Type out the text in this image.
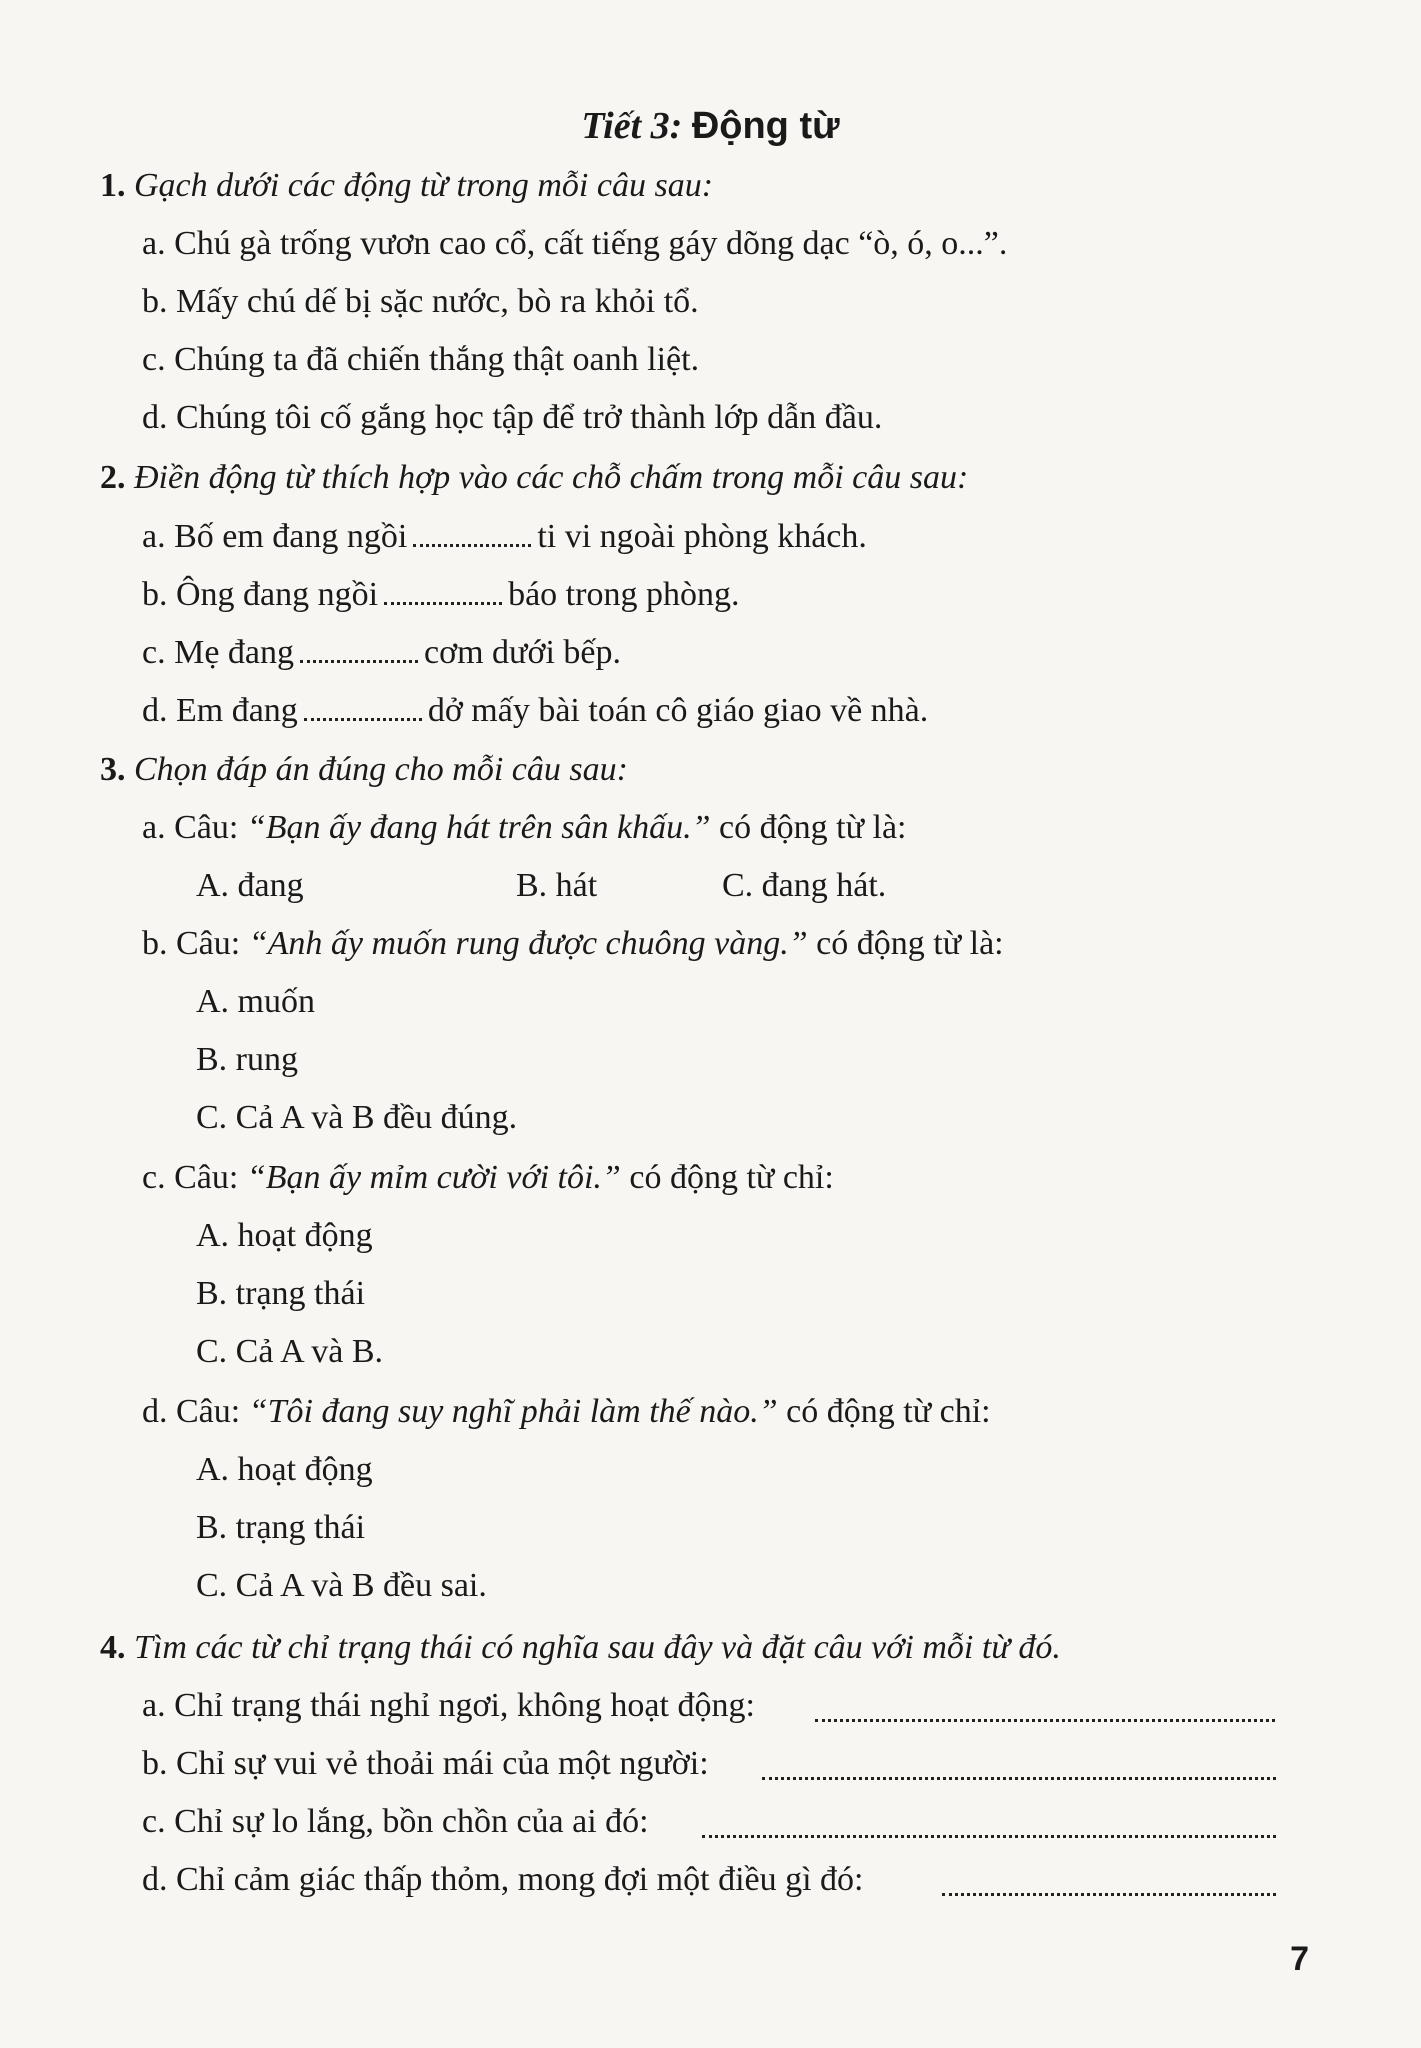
Tiết 3: Động từ
1. Gạch dưới các động từ trong mỗi câu sau:
a. Chú gà trống vươn cao cổ, cất tiếng gáy dõng dạc “ò, ó, o...”.
b. Mấy chú dế bị sặc nước, bò ra khỏi tổ.
c. Chúng ta đã chiến thắng thật oanh liệt.
d. Chúng tôi cố gắng học tập để trở thành lớp dẫn đầu.
2. Điền động từ thích hợp vào các chỗ chấm trong mỗi câu sau:
a. Bố em đang ngồi	ti vi ngoài phòng khách.
b. Ông đang ngồi	báo trong phòng.
c. Mẹ đang	cơm dưới bếp.
d. Em đang	dở mấy bài toán cô giáo giao về nhà.
3. Chọn đáp án đúng cho mỗi câu sau:
a. Câu: “Bạn ấy đang hát trên sân khấu.” có động từ là:
A. đang	B. hát	C. đang hát.
b. Câu: “Anh ấy muốn rung được chuông vàng.” có động từ là:
A. muốn
B. rung
C. Cả A và B đều đúng.
c. Câu: “Bạn ấy mỉm cười với tôi.” có động từ chỉ:
A. hoạt động
B. trạng thái
C. Cả A và B.
d. Câu: “Tôi đang suy nghĩ phải làm thế nào.” có động từ chỉ:
A. hoạt động
B. trạng thái
C. Cả A và B đều sai.
4. Tìm các từ chỉ trạng thái có nghĩa sau đây và đặt câu với mỗi từ đó.
a. Chỉ trạng thái nghỉ ngơi, không hoạt động:
b. Chỉ sự vui vẻ thoải mái của một người:
c. Chỉ sự lo lắng, bồn chồn của ai đó:
d. Chỉ cảm giác thấp thỏm, mong đợi một điều gì đó:
7
